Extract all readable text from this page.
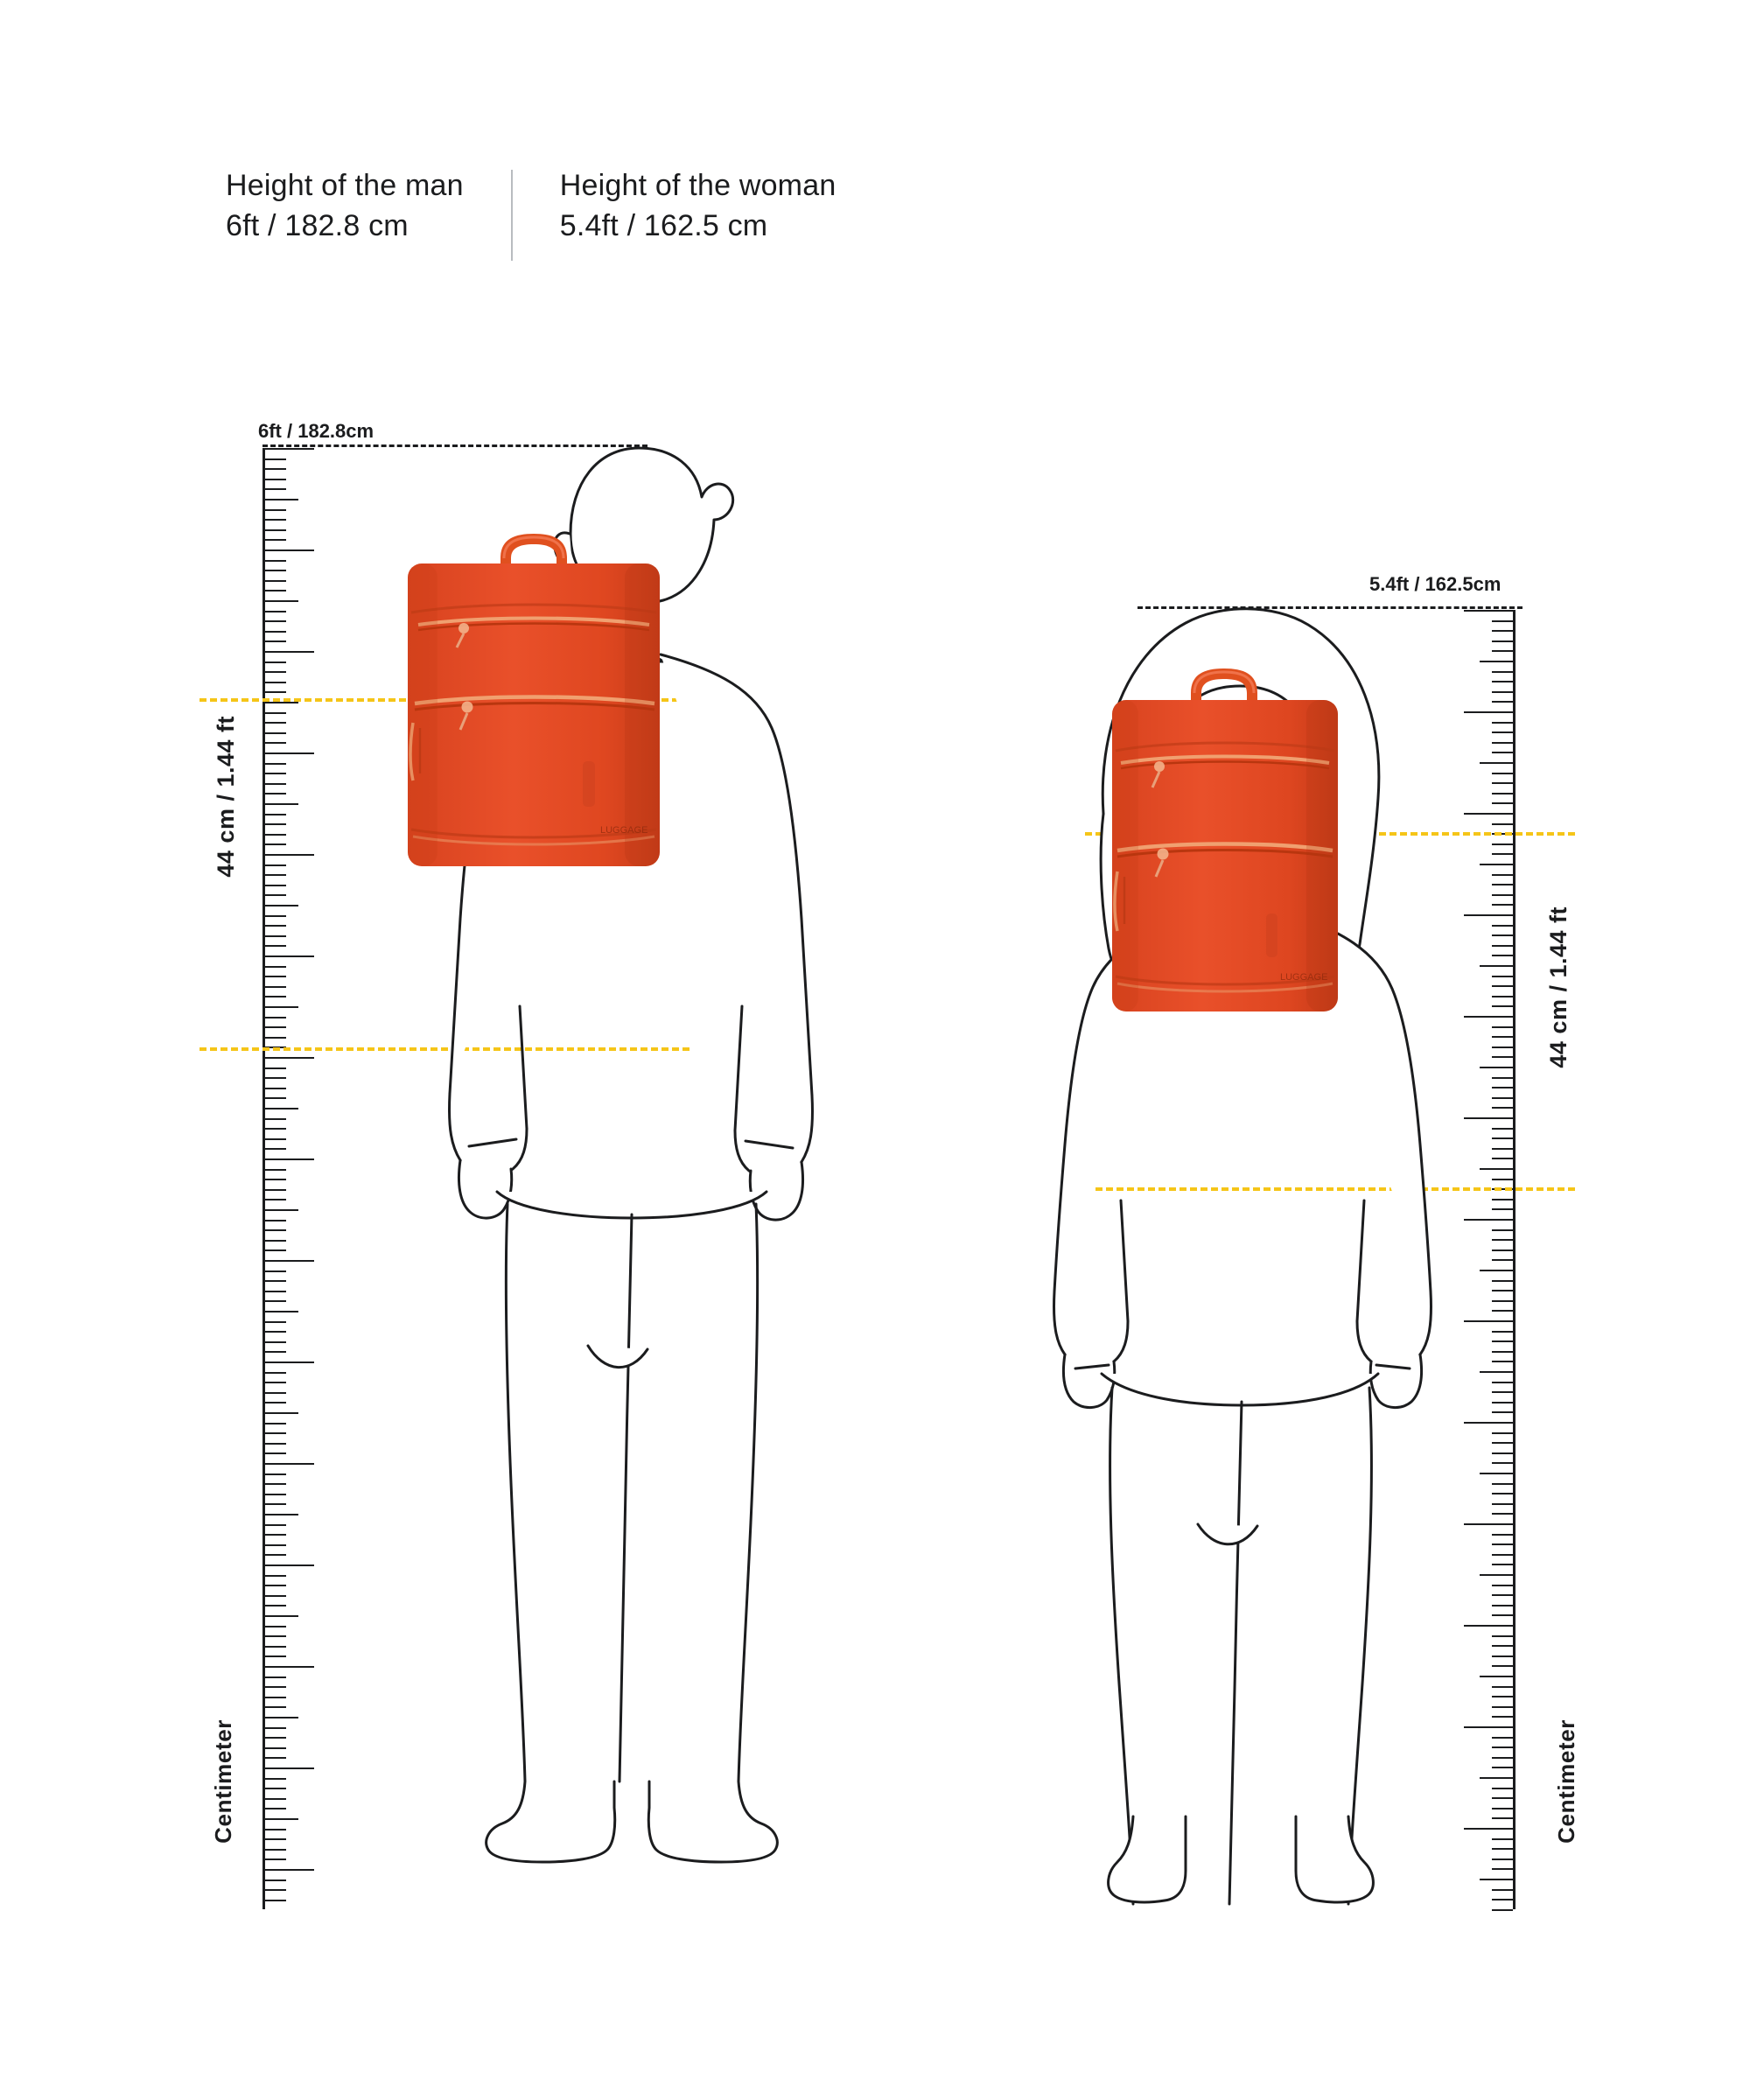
Height of the man
6ft / 182.8 cm
Height of the woman
5.4ft / 162.5 cm
6ft / 182.8cm
Centimeter
44 cm / 1.44 ft	LUGGAGE
5.4ft / 162.5cm
Centimeter
44 cm / 1.44 ft
LUGGAGE
